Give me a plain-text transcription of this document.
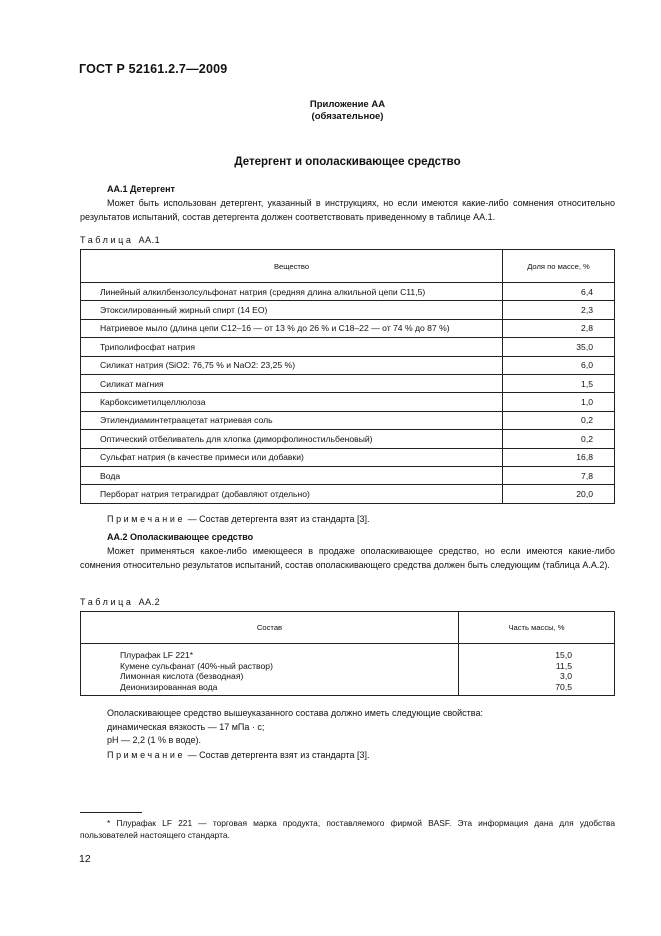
ГОСТ Р 52161.2.7—2009
Приложение АА
(обязательное)
Детергент и ополаскивающее средство
АА.1 Детергент
Может быть использован детергент, указанный в инструкциях, но если имеются какие-либо сомнения относительно результатов испытаний, состав детергента должен соответствовать приведенному в таблице АА.1.
Таблица АА.1
Вещество	Доля по массе, %
Линейный алкилбензолсульфонат натрия (средняя длина алкильной цепи C11,5)	6,4
Этоксилированный жирный спирт (14 EO)	2,3
Натриевое мыло (длина цепи C12–16 — от 13 % до 26 % и C18–22 — от 74 % до 87 %)	2,8
Триполифосфат натрия	35,0
Силикат натрия (SiO2: 76,75 % и NaO2: 23,25 %)	6,0
Силикат магния	1,5
Карбоксиметилцеллюлоза	1,0
Этилендиаминтетраацетат натриевая соль	0,2
Оптический отбеливатель для хлопка (диморфолиностильбеновый)	0,2
Сульфат натрия (в качестве примеси или добавки)	16,8
Вода	7,8
Перборат натрия тетрагидрат (добавляют отдельно)	20,0
Примечание — Состав детергента взят из стандарта [3].
АА.2 Ополаскивающее средство
Может применяться какое-либо имеющееся в продаже ополаскивающее средство, но если имеются какие-либо сомнения относительно результатов испытаний, состав ополаскивающего средства должен быть следующим (таблица А.А.2).
Таблица АА.2
Состав	Часть массы, %
Плурафак LF 221*	15,0
Кумене сульфанат (40%-ный раствор)	11,5
Лимонная кислота (безводная)	3,0
Деионизированная вода	70,5
Ополаскивающее средство вышеуказанного состава должно иметь следующие свойства:
динамическая вязкость — 17 мПа · с;
pH — 2,2 (1 % в воде).
Примечание — Состав детергента взят из стандарта [3].
* Плурафак LF 221 — торговая марка продукта, поставляемого фирмой BASF. Эта информация дана для удобства пользователей настоящего стандарта.
12
